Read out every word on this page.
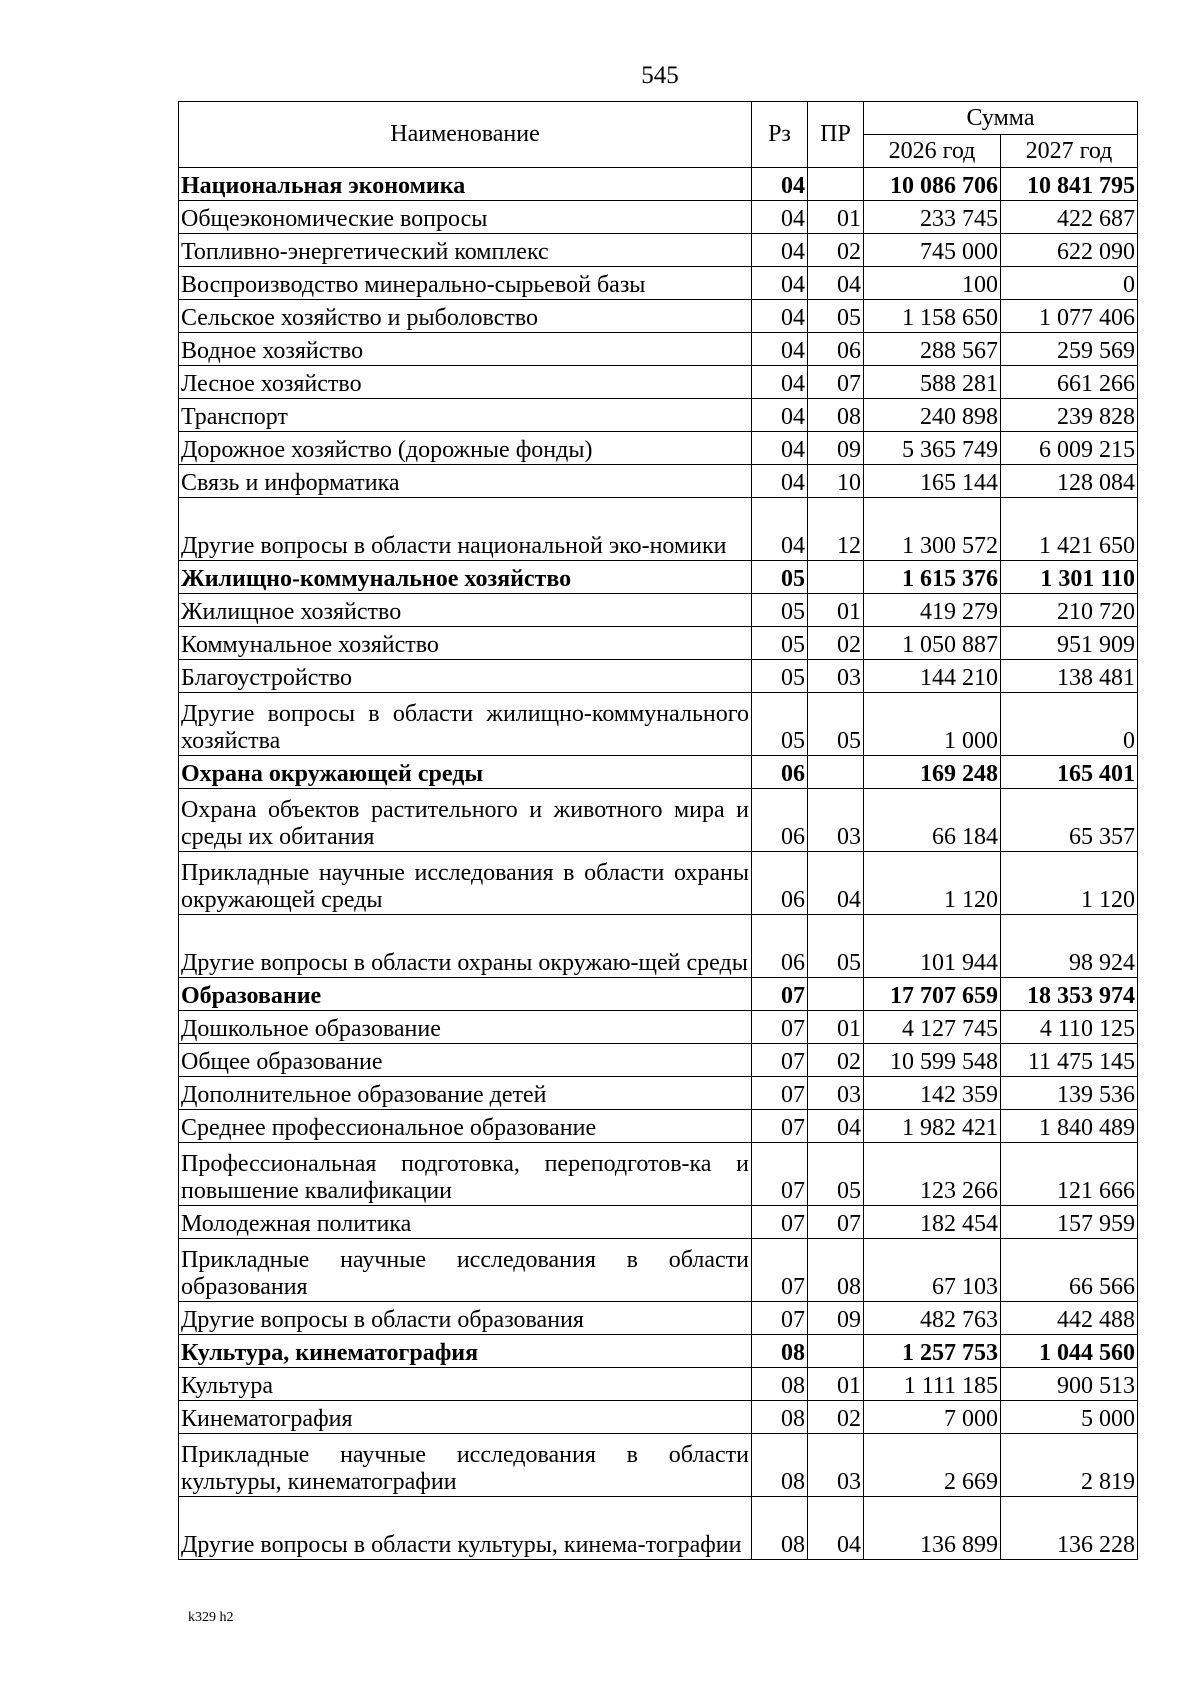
545
Наименование	Рз	ПР	Сумма	
			2026 год	2027 год
Национальная экономика	04		10 086 706	10 841 795
Общеэкономические вопросы	04	01	233 745	422 687
Топливно-энергетический комплекс	04	02	745 000	622 090
Воспроизводство минерально-сырьевой базы	04	04	100	0
Сельское хозяйство и рыболовство	04	05	1 158 650	1 077 406
Водное хозяйство	04	06	288 567	259 569
Лесное хозяйство	04	07	588 281	661 266
Транспорт	04	08	240 898	239 828
Дорожное хозяйство (дорожные фонды)	04	09	5 365 749	6 009 215
Связь и информатика	04	10	165 144	128 084
Другие вопросы в области национальной эко-номики	04	12	1 300 572	1 421 650
Жилищно-коммунальное хозяйство	05		1 615 376	1 301 110
Жилищное хозяйство	05	01	419 279	210 720
Коммунальное хозяйство	05	02	1 050 887	951 909
Благоустройство	05	03	144 210	138 481
Другие вопросы в области жилищно-коммунального хозяйства	05	05	1 000	0
Охрана окружающей среды	06		169 248	165 401
Охрана объектов растительного и животного мира и среды их обитания	06	03	66 184	65 357
Прикладные научные исследования в области охраны окружающей среды	06	04	1 120	1 120
Другие вопросы в области охраны окружаю-щей среды	06	05	101 944	98 924
Образование	07		17 707 659	18 353 974
Дошкольное образование	07	01	4 127 745	4 110 125
Общее образование	07	02	10 599 548	11 475 145
Дополнительное образование детей	07	03	142 359	139 536
Среднее профессиональное образование	07	04	1 982 421	1 840 489
Профессиональная подготовка, переподготов-ка и повышение квалификации	07	05	123 266	121 666
Молодежная политика	07	07	182 454	157 959
Прикладные научные исследования в области образования	07	08	67 103	66 566
Другие вопросы в области образования	07	09	482 763	442 488
Культура, кинематография	08		1 257 753	1 044 560
Культура	08	01	1 111 185	900 513
Кинематография	08	02	7 000	5 000
Прикладные научные исследования в области культуры, кинематографии	08	03	2 669	2 819
Другие вопросы в области культуры, кинема-тографии	08	04	136 899	136 228
k329 h2
